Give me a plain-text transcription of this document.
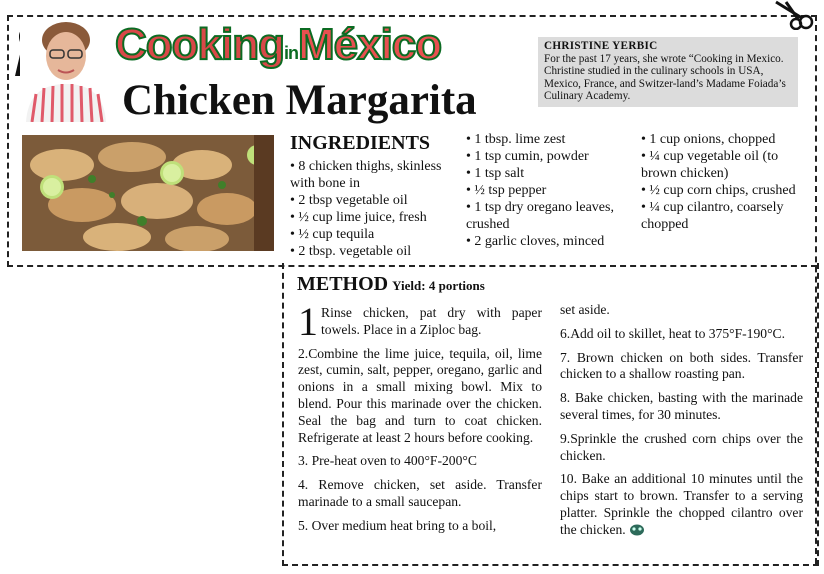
CookinginMéxico
Chicken Margarita
CHRISTINE YERBIC
For the past 17 years, she wrote “Cooking in Mexico. Christine studied in the culinary schools in USA, Mexico, France, and Switzer-land’s Madame Foiada’s Culinary Academy.
INGREDIENTS
• 8 chicken thighs, skinless with bone in
• 2 tbsp vegetable oil
• ½ cup lime juice, fresh
• ½ cup tequila
• 2 tbsp. vegetable oil
• 1 tbsp. lime zest
• 1 tsp cumin, powder
• 1 tsp salt
• ½ tsp pepper
• 1 tsp dry oregano leaves, crushed
• 2 garlic cloves, minced
• 1 cup onions, chopped
• ¼ cup vegetable oil (to brown chicken)
• ½ cup corn chips, crushed
• ¼ cup cilantro, coarsely chopped
METHOD Yield: 4 portions

1 Rinse chicken, pat dry with paper towels. Place in a Ziploc bag.

2.Combine the lime juice, tequila, oil, lime zest, cumin, salt, pepper, oregano, garlic and onions in a small mixing bowl. Mix to blend. Pour this marinade over the chicken. Seal the bag and turn to coat chicken. Refrigerate at least 2 hours before cooking.

3. Pre-heat oven to 400°F-200°C

4. Remove chicken, set aside. Transfer marinade to a small saucepan.

5. Over medium heat bring to a boil,

set aside.

6.Add oil to skillet, heat to 375°F-190°C.

7. Brown chicken on both sides. Transfer chicken to a shallow roasting pan.

8. Bake chicken, basting with the marinade several times, for 30 minutes.

9.Sprinkle the crushed corn chips over the chicken.

10. Bake an additional 10 minutes until the chips start to brown. Transfer to a serving platter. Sprinkle the chopped cilantro over the chicken.
